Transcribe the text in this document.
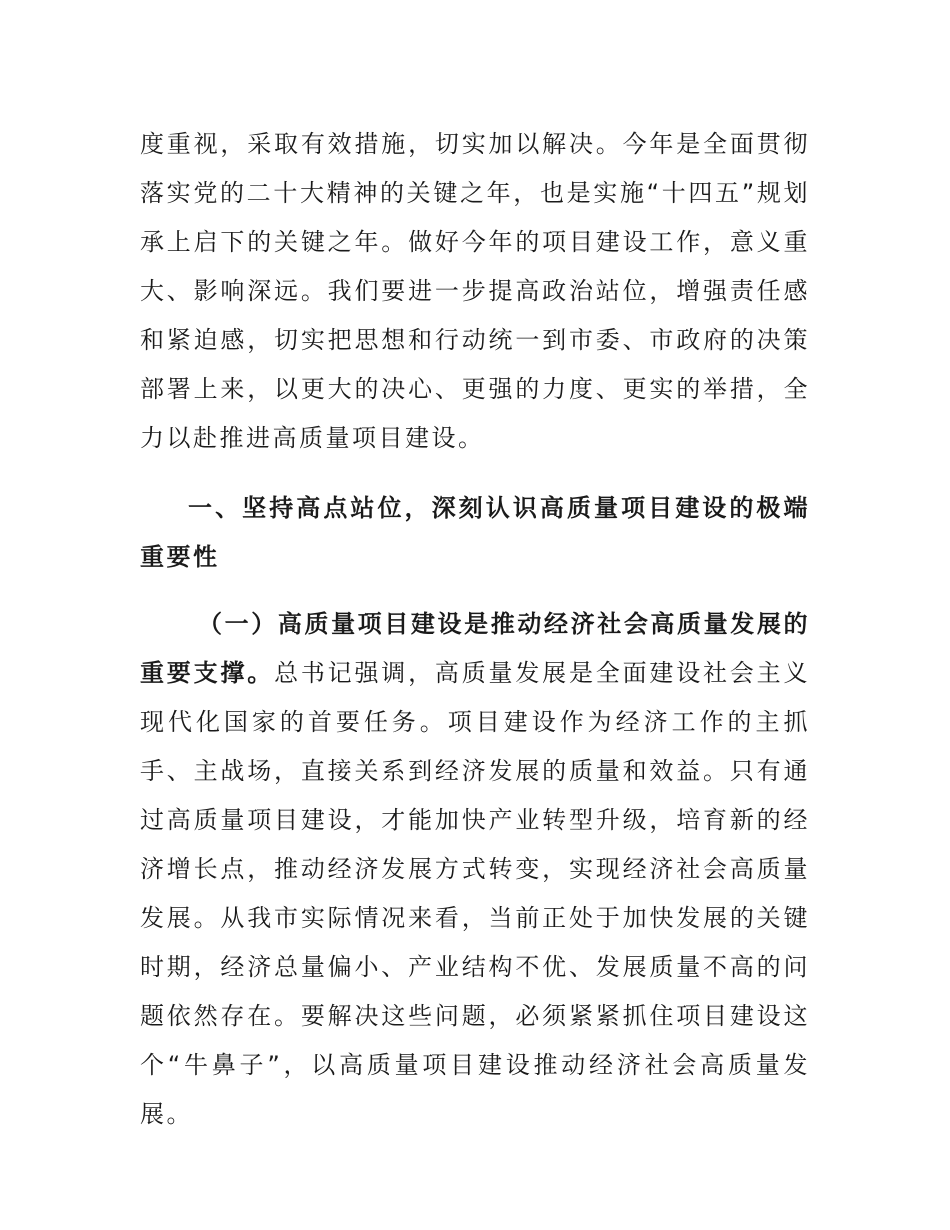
度重视，采取有效措施，切实加以解决。今年是全面贯彻落实党的二十大精神的关键之年，也是实施“十四五”规划承上启下的关键之年。做好今年的项目建设工作，意义重大、影响深远。我们要进一步提高政治站位，增强责任感和紧迫感，切实把思想和行动统一到市委、市政府的决策部署上来，以更大的决心、更强的力度、更实的举措，全力以赴推进高质量项目建设。

一、坚持高点站位，深刻认识高质量项目建设的极端重要性

（一）高质量项目建设是推动经济社会高质量发展的重要支撑。总书记强调，高质量发展是全面建设社会主义现代化国家的首要任务。项目建设作为经济工作的主抓手、主战场，直接关系到经济发展的质量和效益。只有通过高质量项目建设，才能加快产业转型升级，培育新的经济增长点，推动经济发展方式转变，实现经济社会高质量发展。从我市实际情况来看，当前正处于加快发展的关键时期，经济总量偏小、产业结构不优、发展质量不高的问题依然存在。要解决这些问题，必须紧紧抓住项目建设这个“牛鼻子”，以高质量项目建设推动经济社会高质量发展。
